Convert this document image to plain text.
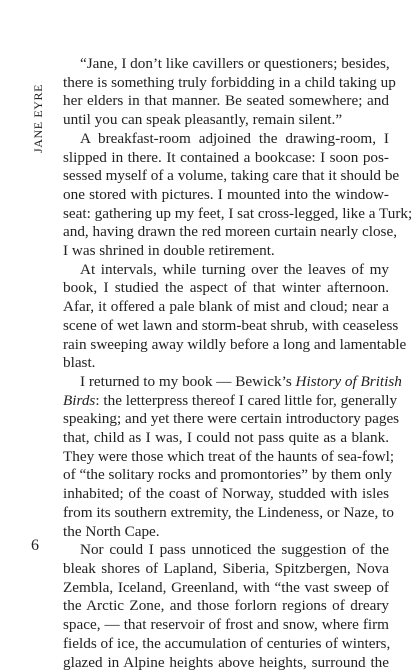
JANE EYRE
“Jane, I don’t like cavillers or questioners; besides,
there is something truly forbidding in a child taking up
her elders in that manner. Be seated somewhere; and
until you can speak pleasantly, remain silent.”
A breakfast-room adjoined the drawing-room, I
slipped in there. It contained a bookcase: I soon pos-
sessed myself of a volume, taking care that it should be
one stored with pictures. I mounted into the window-
seat: gathering up my feet, I sat cross-legged, like a Turk;
and, having drawn the red moreen curtain nearly close,
I was shrined in double retirement.
At intervals, while turning over the leaves of my
book, I studied the aspect of that winter afternoon.
Afar, it offered a pale blank of mist and cloud; near a
scene of wet lawn and storm-beat shrub, with ceaseless
rain sweeping away wildly before a long and lamentable
blast.
I returned to my book — Bewick’s History of British
Birds: the letterpress thereof I cared little for, generally
speaking; and yet there were certain introductory pages
that, child as I was, I could not pass quite as a blank.
They were those which treat of the haunts of sea-fowl;
of “the solitary rocks and promontories” by them only
inhabited; of the coast of Norway, studded with isles
from its southern extremity, the Lindeness, or Naze, to
the North Cape.
Nor could I pass unnoticed the suggestion of the
bleak shores of Lapland, Siberia, Spitzbergen, Nova
Zembla, Iceland, Greenland, with “the vast sweep of
the Arctic Zone, and those forlorn regions of dreary
space, — that reservoir of frost and snow, where firm
fields of ice, the accumulation of centuries of winters,
glazed in Alpine heights above heights, surround the
6
